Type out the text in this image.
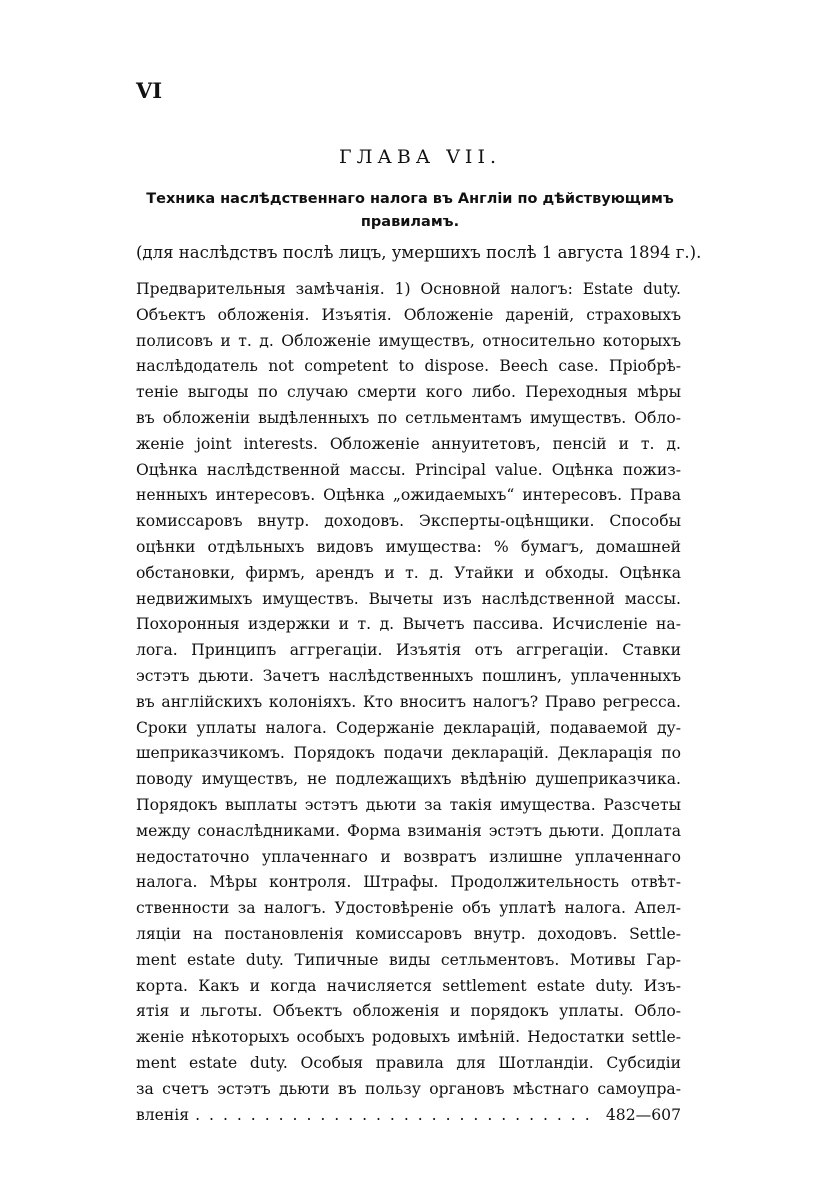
VI
ГЛАВА VII.
Техника наслѣдственнаго налога въ Англіи по дѣйствующимъ правиламъ.
(для наслѣдствъ послѣ лицъ, умершихъ послѣ 1 августа 1894 г.).
Предварительныя замѣчанія. 1) Основной налогъ: Estate duty.
Объектъ обложенія. Изъятія. Обложеніе дареній, страховыхъ
полисовъ и т. д. Обложеніе имуществъ, относительно которыхъ
наслѣдодатель not competent to dispose. Beech case. Пріобрѣ-
теніе выгоды по случаю смерти кого либо. Переходныя мѣры
въ обложеніи выдѣленныхъ по сетльментамъ имуществъ. Обло-
женіе joint interests. Обложеніе аннуитетовъ, пенсій и т. д.
Оцѣнка наслѣдственной массы. Principal value. Оцѣнка пожиз-
ненныхъ интересовъ. Оцѣнка „ожидаемыхъ“ интересовъ. Права
комиссаровъ внутр. доходовъ. Эксперты-оцѣнщики. Способы
оцѣнки отдѣльныхъ видовъ имущества: % бумагъ, домашней
обстановки, фирмъ, арендъ и т. д. Утайки и обходы. Оцѣнка
недвижимыхъ имуществъ. Вычеты изъ наслѣдственной массы.
Похоронныя издержки и т. д. Вычетъ пассива. Исчисленіе на-
лога. Принципъ аггрегаціи. Изъятія отъ аггрегаціи. Ставки
эстэтъ дьюти. Зачетъ наслѣдственныхъ пошлинъ, уплаченныхъ
въ англійскихъ колоніяхъ. Кто вноситъ налогъ? Право регресса.
Сроки уплаты налога. Содержаніе декларацій, подаваемой ду-
шеприказчикомъ. Порядокъ подачи декларацій. Декларація по
поводу имуществъ, не подлежащихъ вѣдѣнію душеприказчика.
Порядокъ выплаты эстэтъ дьюти за такія имущества. Разсчеты
между сонаслѣдниками. Форма взиманія эстэтъ дьюти. Доплата
недостаточно уплаченнаго и возвратъ излишне уплаченнаго
налога. Мѣры контроля. Штрафы. Продолжительность отвѣт-
ственности за налогъ. Удостовѣреніе объ уплатѣ налога. Апел-
ляціи на постановленія комиссаровъ внутр. доходовъ. Settle-
ment estate duty. Типичные виды сетльментовъ. Мотивы Гар-
корта. Какъ и когда начисляется settlement estate duty. Изъ-
ятія и льготы. Объектъ обложенія и порядокъ уплаты. Обло-
женіе нѣкоторыхъ особыхъ родовыхъ имѣній. Недостатки settle-
ment estate duty. Особыя правила для Шотландіи. Субсидіи
за счетъ эстэтъ дьюти въ пользу органовъ мѣстнаго самоупра-
вленія
. . .	482—607
